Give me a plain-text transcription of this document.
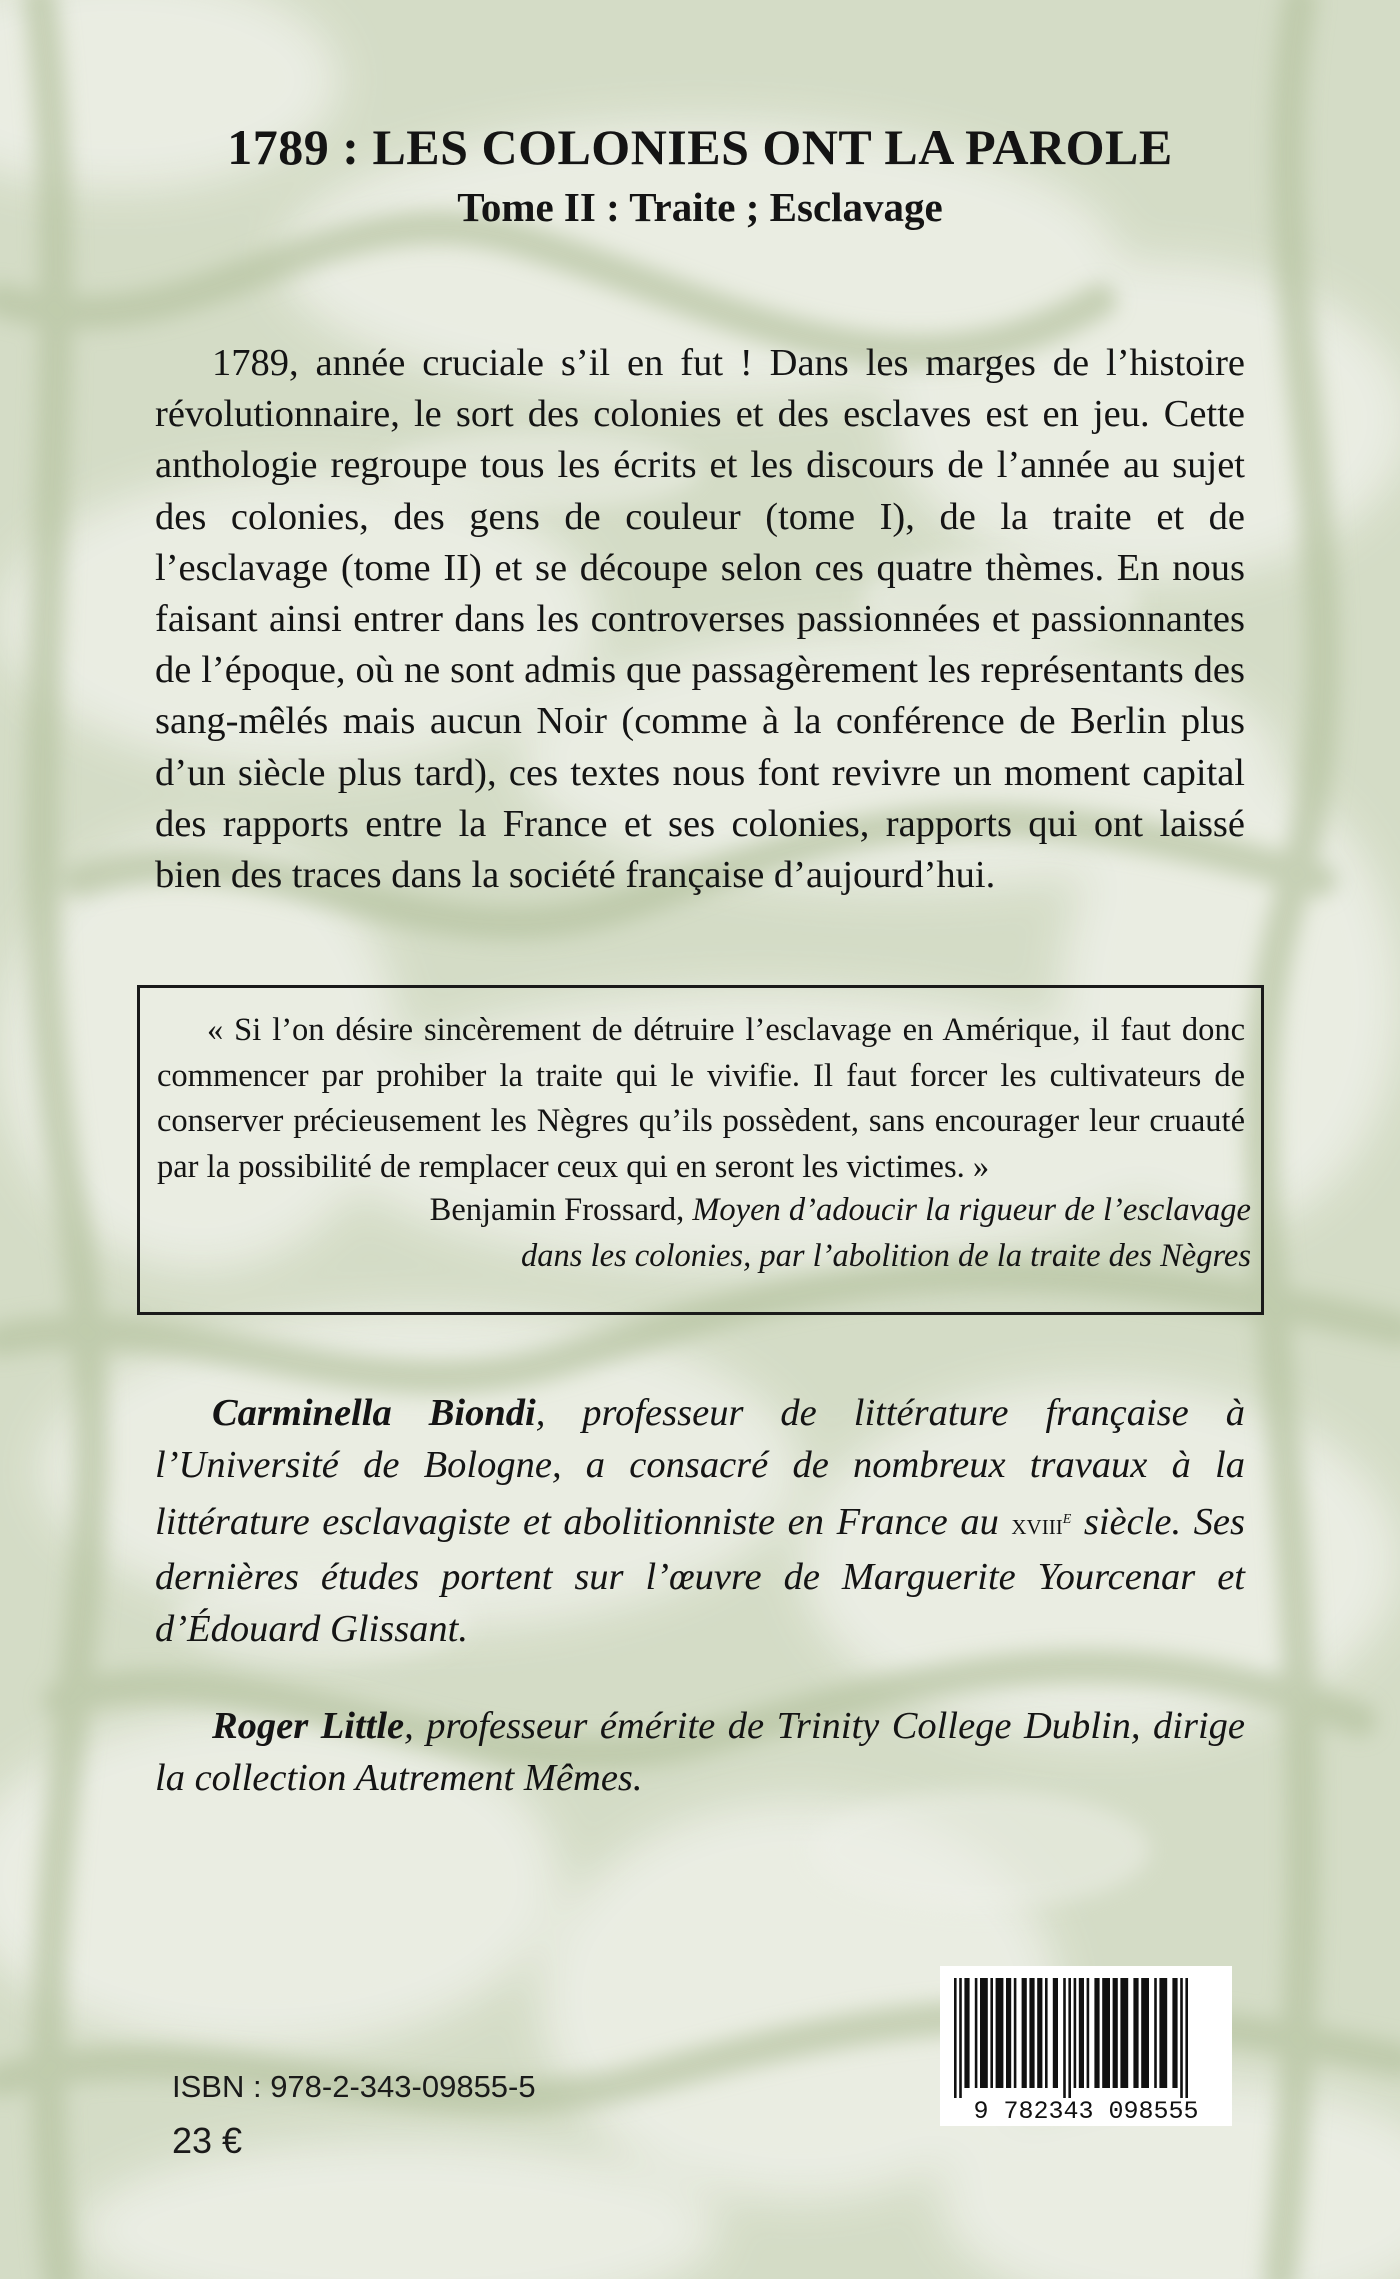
1789 : LES COLONIES ONT LA PAROLE
Tome II : Traite ; Esclavage

1789, année cruciale s’il en fut ! Dans les marges de l’histoire révolutionnaire, le sort des colonies et des esclaves est en jeu. Cette anthologie regroupe tous les écrits et les discours de l’année au sujet des colonies, des gens de couleur (tome I), de la traite et de l’esclavage (tome II) et se découpe selon ces quatre thèmes. En nous faisant ainsi entrer dans les controverses passionnées et passionnantes de l’époque, où ne sont admis que passagèrement les représentants des sang-mêlés mais aucun Noir (comme à la conférence de Berlin plus d’un siècle plus tard), ces textes nous font revivre un moment capital des rapports entre la France et ses colonies, rapports qui ont laissé bien des traces dans la société française d’aujourd’hui.

« Si l’on désire sincèrement de détruire l’esclavage en Amérique, il faut donc commencer par prohiber la traite qui le vivifie. Il faut forcer les cultivateurs de conserver précieusement les Nègres qu’ils possèdent, sans encourager leur cruauté par la possibilité de remplacer ceux qui en seront les victimes. »

Benjamin Frossard, Moyen d’adoucir la rigueur de l’esclavage
dans les colonies, par l’abolition de la traite des Nègres

Carminella Biondi, professeur de littérature française à l’Université de Bologne, a consacré de nombreux travaux à la littérature esclavagiste et abolitionniste en France au xviii$^e$ siècle. Ses dernières études portent sur l’œuvre de Marguerite Yourcenar et d’Édouard Glissant.

Roger Little, professeur émérite de Trinity College Dublin, dirige la collection Autrement Mêmes.

ISBN : 978-2-343-09855-5
23 €
9 782343 098555
